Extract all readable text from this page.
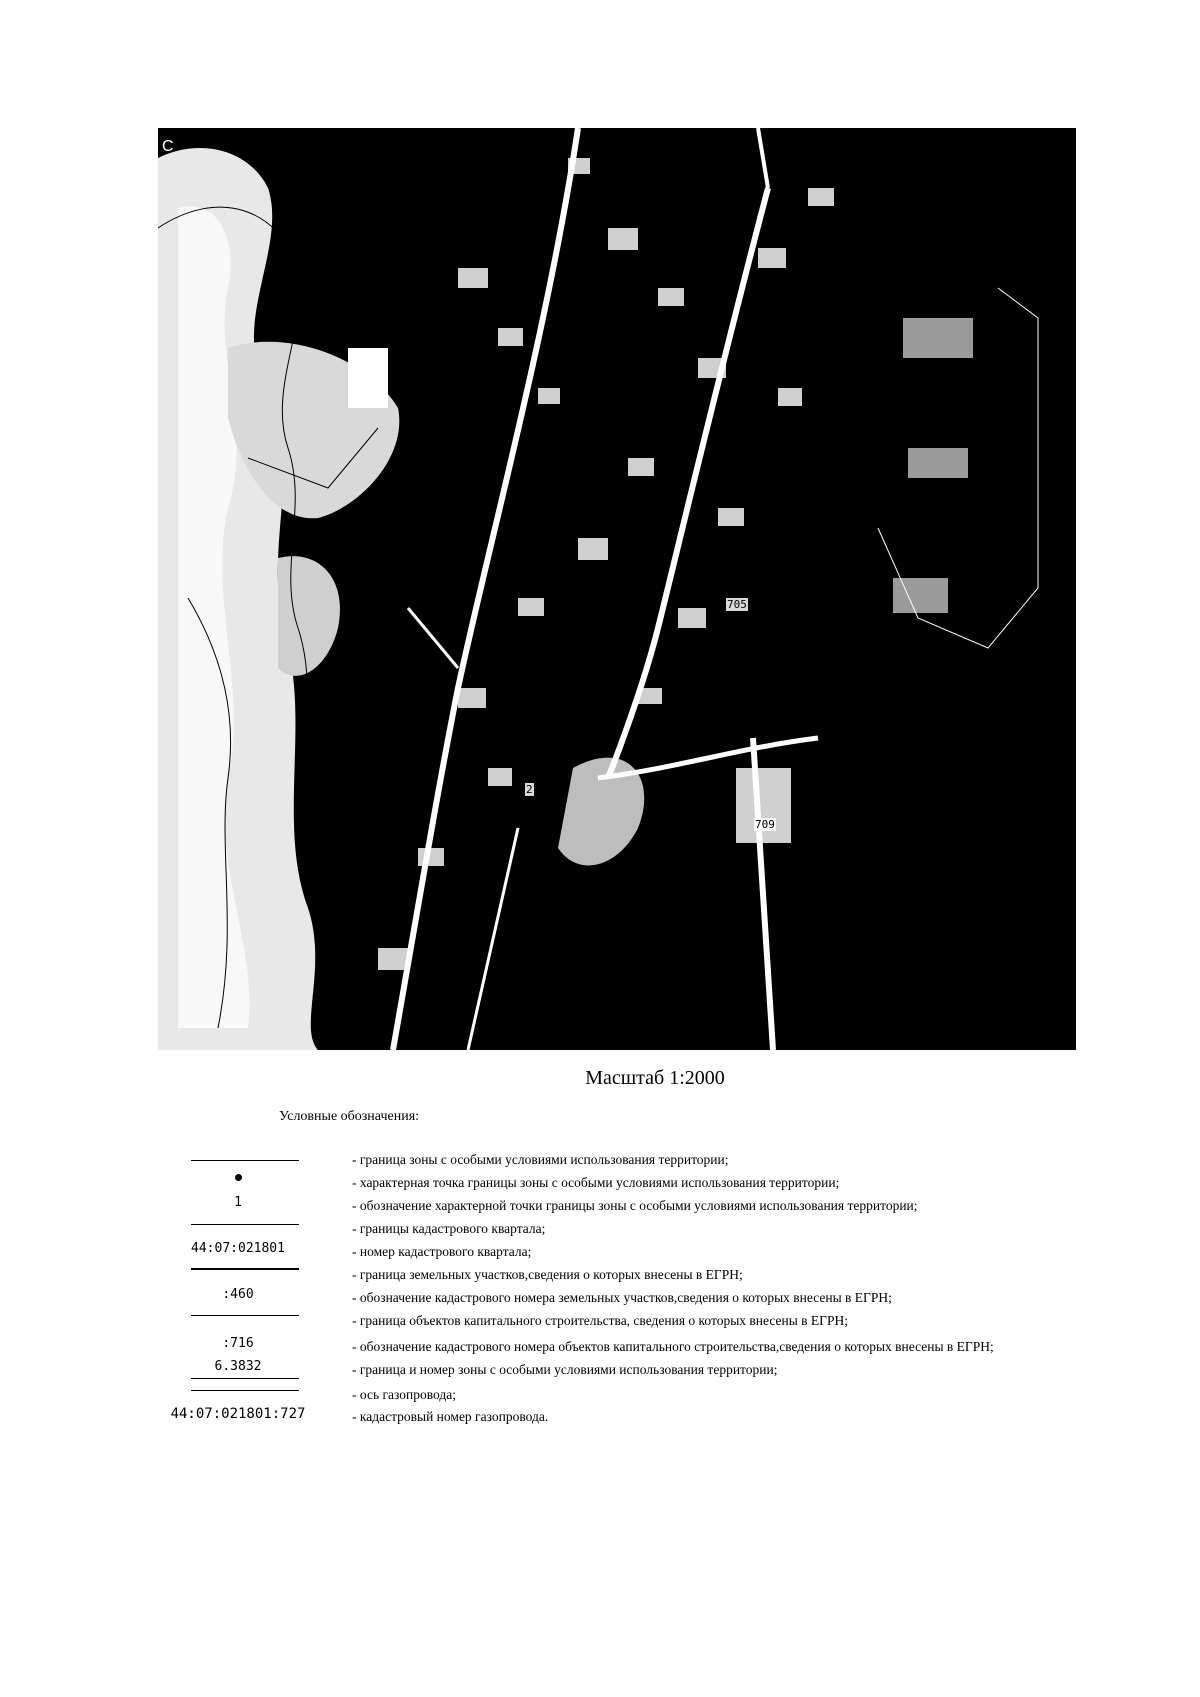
С
709
705
2
Масштаб 1:2000
Условные обозначения:
- граница зоны с особыми условиями использования территории;
- характерная точка границы зоны с особыми условиями использования территории;
1	- обозначение характерной точки границы зоны с особыми условиями использования территории;
- границы кадастрового квартала;
44:07:021801	- номер кадастрового квартала;
- граница земельных участков,сведения о которых внесены в ЕГРН;
:460	- обозначение кадастрового номера земельных участков,сведения о которых внесены в ЕГРН;
- граница объектов капитального строительства, сведения о которых внесены в ЕГРН;
:716	- обозначение кадастрового номера объектов капитального строительства,сведения о которых внесены в ЕГРН;
6.3832	- граница и номер зоны с особыми условиями использования территории;
- ось газопровода;
44:07:021801:727	- кадастровый номер газопровода.
